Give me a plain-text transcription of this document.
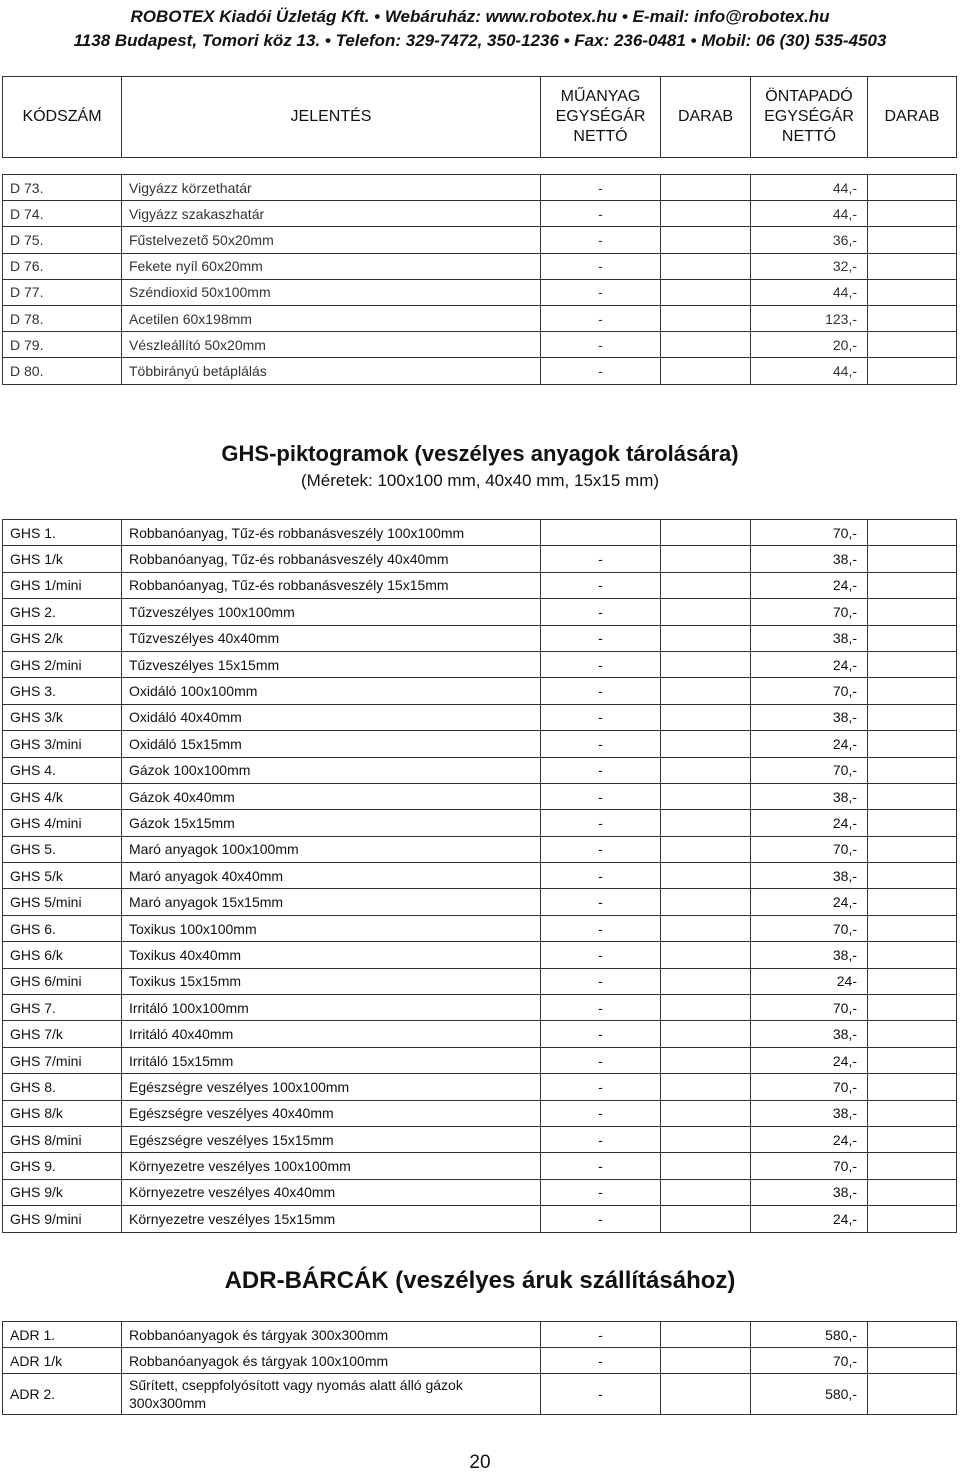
ROBOTEX Kiadói Üzletág Kft. • Webáruház: www.robotex.hu • E-mail: info@robotex.hu
1138 Budapest, Tomori köz 13. • Telefon: 329-7472, 350-1236 • Fax: 236-0481 • Mobil: 06 (30) 535-4503
KÓDSZÁM	JELENTÉS	MŰANYAG EGYSÉGÁR NETTÓ	DARAB	ÖNTAPADÓ EGYSÉGÁR NETTÓ	DARAB
D 73.	Vigyázz körzethatár	-		44,-	
D 74.	Vigyázz szakaszhatár	-		44,-	
D 75.	Fűstelvezető 50x20mm	-		36,-	
D 76.	Fekete nyíl 60x20mm	-		32,-	
D 77.	Széndioxid 50x100mm	-		44,-	
D 78.	Acetilen 60x198mm	-		123,-	
D 79.	Vészleállító 50x20mm	-		20,-	
D 80.	Többirányú betáplálás	-		44,-	
GHS-piktogramok (veszélyes anyagok tárolására)
(Méretek: 100x100 mm, 40x40 mm, 15x15 mm)
GHS 1.	Robbanóanyag, Tűz-és robbanásveszély 100x100mm			70,-	
GHS 1/k	Robbanóanyag, Tűz-és robbanásveszély 40x40mm	-		38,-	
GHS 1/mini	Robbanóanyag, Tűz-és robbanásveszély 15x15mm	-		24,-	
GHS 2.	Tűzveszélyes 100x100mm	-		70,-	
GHS 2/k	Tűzveszélyes 40x40mm	-		38,-	
GHS 2/mini	Tűzveszélyes 15x15mm	-		24,-	
GHS 3.	Oxidáló 100x100mm	-		70,-	
GHS 3/k	Oxidáló 40x40mm	-		38,-	
GHS 3/mini	Oxidáló 15x15mm	-		24,-	
GHS 4.	Gázok 100x100mm	-		70,-	
GHS 4/k	Gázok 40x40mm	-		38,-	
GHS 4/mini	Gázok 15x15mm	-		24,-	
GHS 5.	Maró anyagok 100x100mm	-		70,-	
GHS 5/k	Maró anyagok 40x40mm	-		38,-	
GHS 5/mini	Maró anyagok 15x15mm	-		24,-	
GHS 6.	Toxikus 100x100mm	-		70,-	
GHS 6/k	Toxikus 40x40mm	-		38,-	
GHS 6/mini	Toxikus 15x15mm	-		24-	
GHS 7.	Irritáló 100x100mm	-		70,-	
GHS 7/k	Irritáló 40x40mm	-		38,-	
GHS 7/mini	Irritáló 15x15mm	-		24,-	
GHS 8.	Egészségre veszélyes 100x100mm	-		70,-	
GHS 8/k	Egészségre veszélyes 40x40mm	-		38,-	
GHS 8/mini	Egészségre veszélyes 15x15mm	-		24,-	
GHS 9.	Környezetre veszélyes 100x100mm	-		70,-	
GHS 9/k	Környezetre veszélyes 40x40mm	-		38,-	
GHS 9/mini	Környezetre veszélyes 15x15mm	-		24,-	
ADR-BÁRCÁK (veszélyes áruk szállításához)
ADR 1.	Robbanóanyagok és tárgyak 300x300mm	-		580,-	
ADR 1/k	Robbanóanyagok és tárgyak 100x100mm	-		70,-	
ADR 2.	Sűrített, cseppfolyósított vagy nyomás alatt álló gázok 300x300mm	-		580,-	
20
